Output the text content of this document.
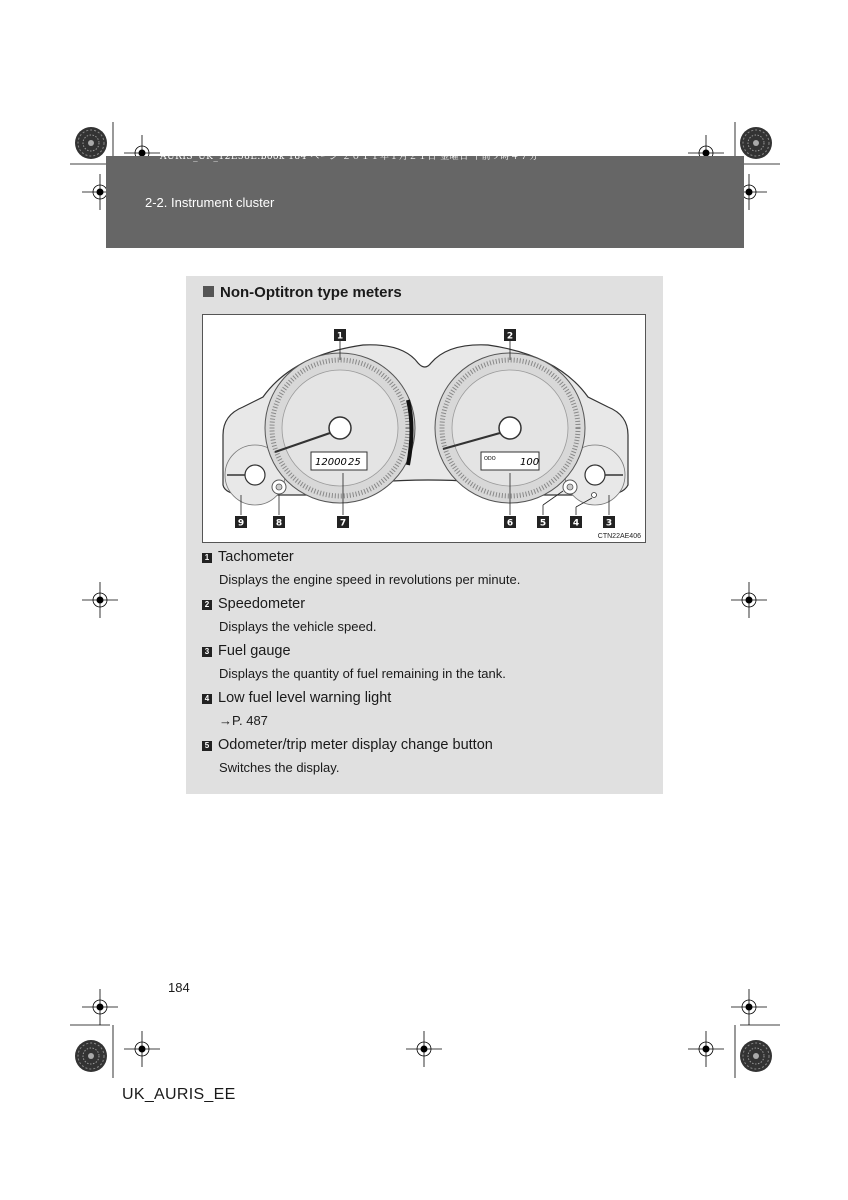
AURIS_UK_12E58E.book 184 ページ ２０１１年１月２１日 金曜日 午前９時４７分
2-2. Instrument cluster
Non-Optitron type meters
12000 25	ODO 100
1	2
3
4
5
6
7
8
9
CTN22AE406
1 Tachometer
Displays the engine speed in revolutions per minute.
2 Speedometer
Displays the vehicle speed.
3 Fuel gauge
Displays the quantity of fuel remaining in the tank.
4 Low fuel level warning light
→P. 487
5 Odometer/trip meter display change button
Switches the display.
184
UK_AURIS_EE
